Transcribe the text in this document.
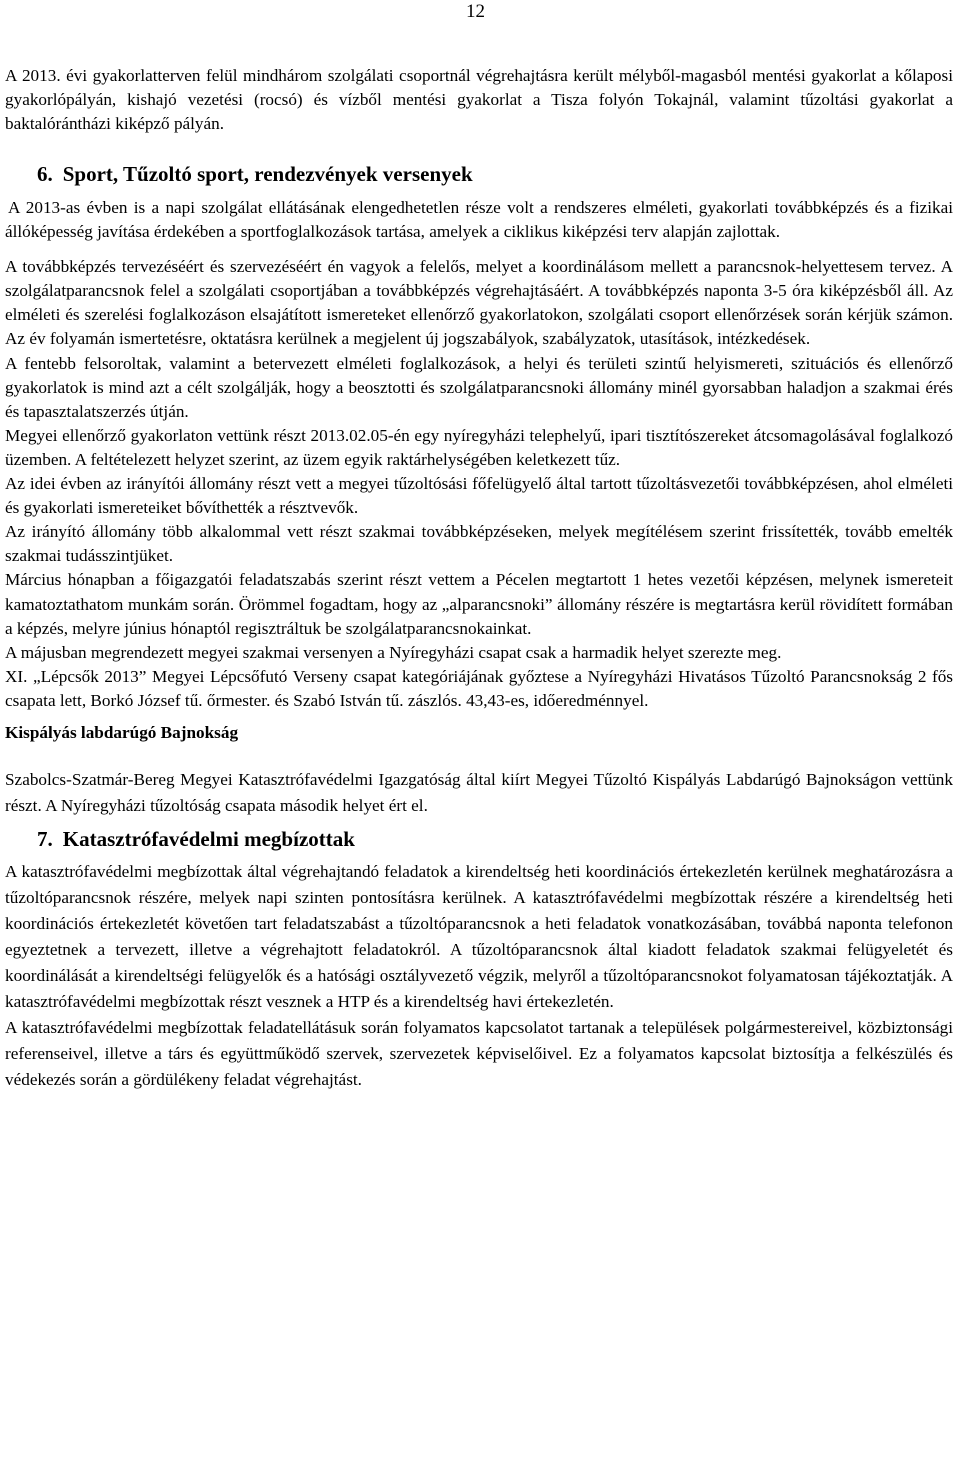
12

A 2013. évi gyakorlatterven felül mindhárom szolgálati csoportnál végrehajtásra került mélyből-magasból mentési gyakorlat a kőlaposi gyakorlópályán, kishajó vezetési (rocsó) és vízből mentési gyakorlat a Tisza folyón Tokajnál, valamint tűzoltási gyakorlat a baktalórántházi kiképző pályán.

6. Sport, Tűzoltó sport, rendezvények versenyek

A 2013-as évben is a napi szolgálat ellátásának elengedhetetlen része volt a rendszeres elméleti, gyakorlati továbbképzés és a fizikai állóképesség javítása érdekében a sportfoglalkozások tartása, amelyek a ciklikus kiképzési terv alapján zajlottak.

A továbbképzés tervezéséért és szervezéséért én vagyok a felelős, melyet a koordinálásom mellett a parancsnok-helyettesem tervez. A szolgálatparancsnok felel a szolgálati csoportjában a továbbképzés végrehajtásáért. A továbbképzés naponta 3-5 óra kiképzésből áll. Az elméleti és szerelési foglalkozáson elsajátított ismereteket ellenőrző gyakorlatokon, szolgálati csoport ellenőrzések során kérjük számon. Az év folyamán ismertetésre, oktatásra kerülnek a megjelent új jogszabályok, szabályzatok, utasítások, intézkedések.

A fentebb felsoroltak, valamint a betervezett elméleti foglalkozások, a helyi és területi szintű helyismereti, szituációs és ellenőrző gyakorlatok is mind azt a célt szolgálják, hogy a beosztotti és szolgálatparancsnoki állomány minél gyorsabban haladjon a szakmai érés és tapasztalatszerzés útján.

Megyei ellenőrző gyakorlaton vettünk részt 2013.02.05-én egy nyíregyházi telephelyű, ipari tisztítószereket átcsomagolásával foglalkozó üzemben. A feltételezett helyzet szerint, az üzem egyik raktárhelységében keletkezett tűz.

Az idei évben az irányítói állomány részt vett a megyei tűzoltósási főfelügyelő által tartott tűzoltásvezetői továbbképzésen, ahol elméleti és gyakorlati ismereteiket bővíthették a résztvevők.

Az irányító állomány több alkalommal vett részt szakmai továbbképzéseken, melyek megítélésem szerint frissítették, tovább emelték szakmai tudásszintjüket.

Március hónapban a főigazgatói feladatszabás szerint részt vettem a Pécelen megtartott 1 hetes vezetői képzésen, melynek ismereteit kamatoztathatom munkám során. Örömmel fogadtam, hogy az „alparancsnoki” állomány részére is megtartásra kerül rövidített formában a képzés, melyre június hónaptól regisztráltuk be szolgálatparancsnokainkat.

A májusban megrendezett megyei szakmai versenyen a Nyíregyházi csapat csak a harmadik helyet szerezte meg.

XI. „Lépcsők 2013” Megyei Lépcsőfutó Verseny csapat kategóriájának győztese a Nyíregyházi Hivatásos Tűzoltó Parancsnokság 2 fős csapata lett, Borkó József tű. őrmester. és Szabó István tű. zászlós. 43,43-es, időeredménnyel.

Kispályás labdarúgó Bajnokság

Szabolcs-Szatmár-Bereg Megyei Katasztrófavédelmi Igazgatóság által kiírt Megyei Tűzoltó Kispályás Labdarúgó Bajnokságon vettünk részt. A Nyíregyházi tűzoltóság csapata második helyet ért el.

7. Katasztrófavédelmi megbízottak

A katasztrófavédelmi megbízottak által végrehajtandó feladatok a kirendeltség heti koordinációs értekezletén kerülnek meghatározásra a tűzoltóparancsnok részére, melyek napi szinten pontosításra kerülnek. A katasztrófavédelmi megbízottak részére a kirendeltség heti koordinációs értekezletét követően tart feladatszabást a tűzoltóparancsnok a heti feladatok vonatkozásában, továbbá naponta telefonon egyeztetnek a tervezett, illetve a végrehajtott feladatokról. A tűzoltóparancsnok által kiadott feladatok szakmai felügyeletét és koordinálását a kirendeltségi felügyelők és a hatósági osztályvezető végzik, melyről a tűzoltóparancsnokot folyamatosan tájékoztatják. A katasztrófavédelmi megbízottak részt vesznek a HTP és a kirendeltség havi értekezletén.

A katasztrófavédelmi megbízottak feladatellátásuk során folyamatos kapcsolatot tartanak a települések polgármestereivel, közbiztonsági referenseivel, illetve a társ és együttműködő szervek, szervezetek képviselőivel. Ez a folyamatos kapcsolat biztosítja a felkészülés és védekezés során a gördülékeny feladat végrehajtást.
